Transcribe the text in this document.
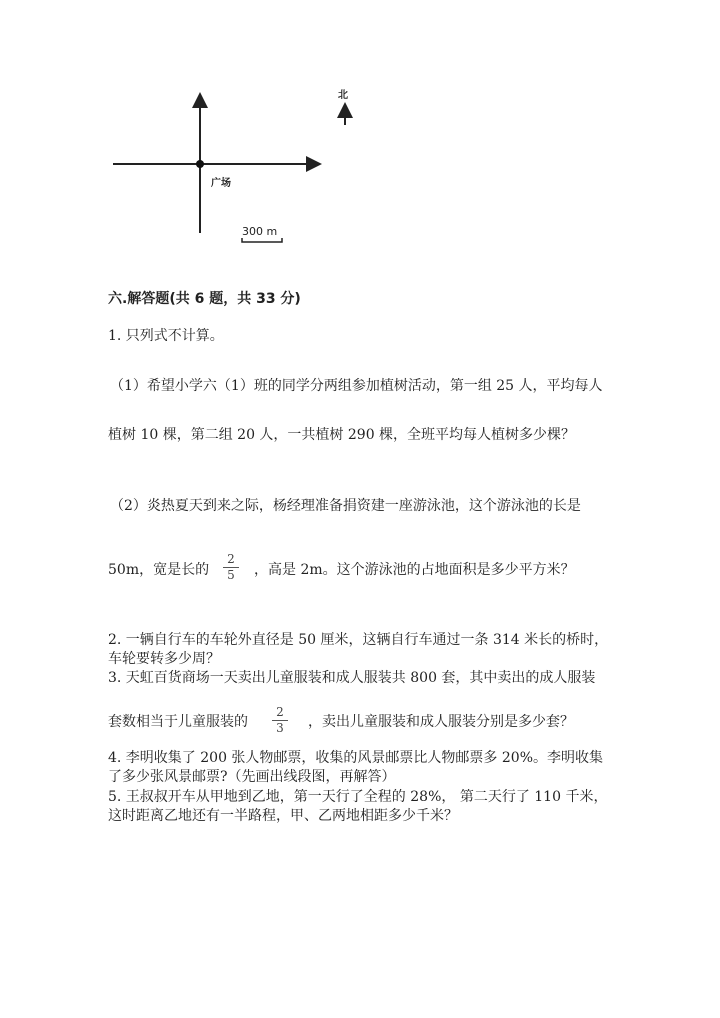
北
广场
300 m
六.解答题(共 6 题，共 33 分)
1. 只列式不计算。
（1）希望小学六（1）班的同学分两组参加植树活动，第一组 25 人，平均每人
植树 10 棵，第二组 20 人，一共植树 290 棵，全班平均每人植树多少棵？
（2）炎热夏天到来之际，杨经理准备捐资建一座游泳池，这个游泳池的长是
50m，宽是长的
2
5 ，高是 2m。这个游泳池的占地面积是多少平方米？
2. 一辆自行车的车轮外直径是 50 厘米，这辆自行车通过一条 314 米长的桥时，
车轮要转多少周？
3. 天虹百货商场一天卖出儿童服装和成人服装共 800 套，其中卖出的成人服装
套数相当于儿童服装的
2
3 ，卖出儿童服装和成人服装分别是多少套？
4. 李明收集了 200 张人物邮票，收集的风景邮票比人物邮票多 20%。李明收集
了多少张风景邮票?（先画出线段图，再解答）
5. 王叔叔开车从甲地到乙地，第一天行了全程的 28%， 第二天行了 110 千米，
这时距离乙地还有一半路程，甲、乙两地相距多少千米？
